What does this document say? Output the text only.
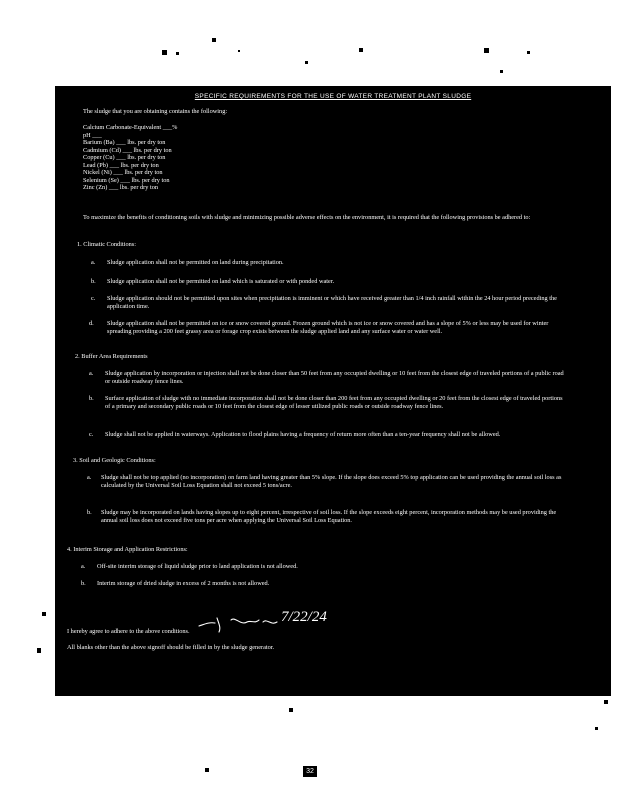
SPECIFIC REQUIREMENTS FOR THE USE OF WATER TREATMENT PLANT SLUDGE
The sludge that you are obtaining contains the following:
Calcium Carbonate-Equivalent ___%
pH ___
Barium (Ba) ___ lbs. per dry ton
Cadmium (Cd) ___ lbs. per dry ton
Copper (Cu) ___ lbs. per dry ton
Lead (Pb) ___ lbs. per dry ton
Nickel (Ni) ___ lbs. per dry ton
Selenium (Se) ___ lbs. per dry ton
Zinc (Zn) ___ lbs. per dry ton
To maximize the benefits of conditioning soils with sludge and minimizing possible adverse effects on the environment, it is required that the following provisions be adhered to:
1. Climatic Conditions:
a. Sludge application shall not be permitted on land during precipitation.
b. Sludge application shall not be permitted on land which is saturated or with ponded water.
c. Sludge application should not be permitted upon sites when precipitation is imminent or which have received greater than 1/4 inch rainfall within the 24 hour period preceding the application time.
d. Sludge application shall not be permitted on ice or snow covered ground. Frozen ground which is not ice or snow covered and has a slope of 5% or less may be used for winter spreading providing a 200 feet grassy area or forage crop exists between the sludge applied land and any surface water or water well.
2. Buffer Area Requirements
a. Sludge application by incorporation or injection shall not be done closer than 50 feet from any occupied dwelling or 10 feet from the closest edge of traveled portions of a public road or outside roadway fence lines.
b. Surface application of sludge with no immediate incorporation shall not be done closer than 200 feet from any occupied dwelling or 20 feet from the closest edge of traveled portions of a primary and secondary public roads or 10 feet from the closest edge of lesser utilized public roads or outside roadway fence lines.
c. Sludge shall not be applied in waterways. Application to flood plains having a frequency of return more often than a ten-year frequency shall not be allowed.
3. Soil and Geologic Conditions:
a. Sludge shall not be top applied (no incorporation) on farm land having greater than 5% slope. If the slope does exceed 5% top application can be used providing the annual soil loss as calculated by the Universal Soil Loss Equation shall not exceed 5 tons/acre.
b. Sludge may be incorporated on lands having slopes up to eight percent, irrespective of soil loss. If the slope exceeds eight percent, incorporation methods may be used providing the annual soil loss does not exceed five tons per acre when applying the Universal Soil Loss Equation.
4. Interim Storage and Application Restrictions:
a. Off-site interim storage of liquid sludge prior to land application is not allowed.
b. Interim storage of dried sludge in excess of 2 months is not allowed.
7/22/24
I hereby agree to adhere to the above conditions.
All blanks other than the above signoff should be filled in by the sludge generator.
32
